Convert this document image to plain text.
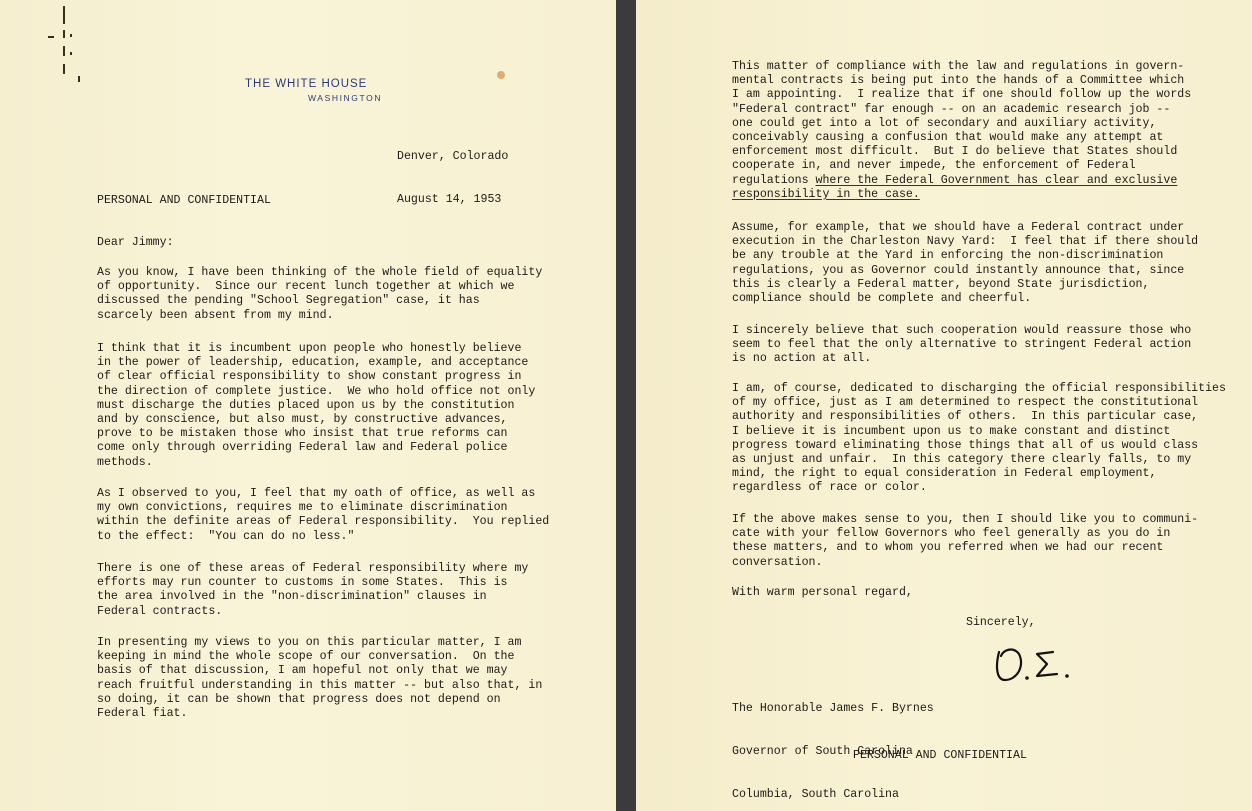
THE WHITE HOUSE
WASHINGTON

Denver, Colorado

August 14, 1953

PERSONAL AND CONFIDENTIAL
Dear Jimmy:
As you know, I have been thinking of the whole field of equality
of opportunity.  Since our recent lunch together at which we
discussed the pending "School Segregation" case, it has
scarcely been absent from my mind.
I think that it is incumbent upon people who honestly believe
in the power of leadership, education, example, and acceptance
of clear official responsibility to show constant progress in
the direction of complete justice.  We who hold office not only
must discharge the duties placed upon us by the constitution
and by conscience, but also must, by constructive advances,
prove to be mistaken those who insist that true reforms can
come only through overriding Federal law and Federal police
methods.
As I observed to you, I feel that my oath of office, as well as
my own convictions, requires me to eliminate discrimination
within the definite areas of Federal responsibility.  You replied
to the effect:  "You can do no less."
There is one of these areas of Federal responsibility where my
efforts may run counter to customs in some States.  This is
the area involved in the "non-discrimination" clauses in
Federal contracts.
In presenting my views to you on this particular matter, I am
keeping in mind the whole scope of our conversation.  On the
basis of that discussion, I am hopeful not only that we may
reach fruitful understanding in this matter -- but also that, in
so doing, it can be shown that progress does not depend on
Federal fiat.
This matter of compliance with the law and regulations in govern-
mental contracts is being put into the hands of a Committee which
I am appointing.  I realize that if one should follow up the words
"Federal contract" far enough -- on an academic research job --
one could get into a lot of secondary and auxiliary activity,
conceivably causing a confusion that would make any attempt at
enforcement most difficult.  But I do believe that States should
cooperate in, and never impede, the enforcement of Federal
regulations where the Federal Government has clear and exclusive
responsibility in the case.
Assume, for example, that we should have a Federal contract under
execution in the Charleston Navy Yard:  I feel that if there should
be any trouble at the Yard in enforcing the non-discrimination
regulations, you as Governor could instantly announce that, since
this is clearly a Federal matter, beyond State jurisdiction,
compliance should be complete and cheerful.
I sincerely believe that such cooperation would reassure those who
seem to feel that the only alternative to stringent Federal action
is no action at all.
I am, of course, dedicated to discharging the official responsibilities
of my office, just as I am determined to respect the constitutional
authority and responsibilities of others.  In this particular case,
I believe it is incumbent upon us to make constant and distinct
progress toward eliminating those things that all of us would class
as unjust and unfair.  In this category there clearly falls, to my
mind, the right to equal consideration in Federal employment,
regardless of race or color.
If the above makes sense to you, then I should like you to communi-
cate with your fellow Governors who feel generally as you do in
these matters, and to whom you referred when we had our recent
conversation.
With warm personal regard,
Sincerely,

The Honorable James F. Byrnes

Governor of South Carolina

Columbia, South Carolina

PERSONAL AND CONFIDENTIAL
